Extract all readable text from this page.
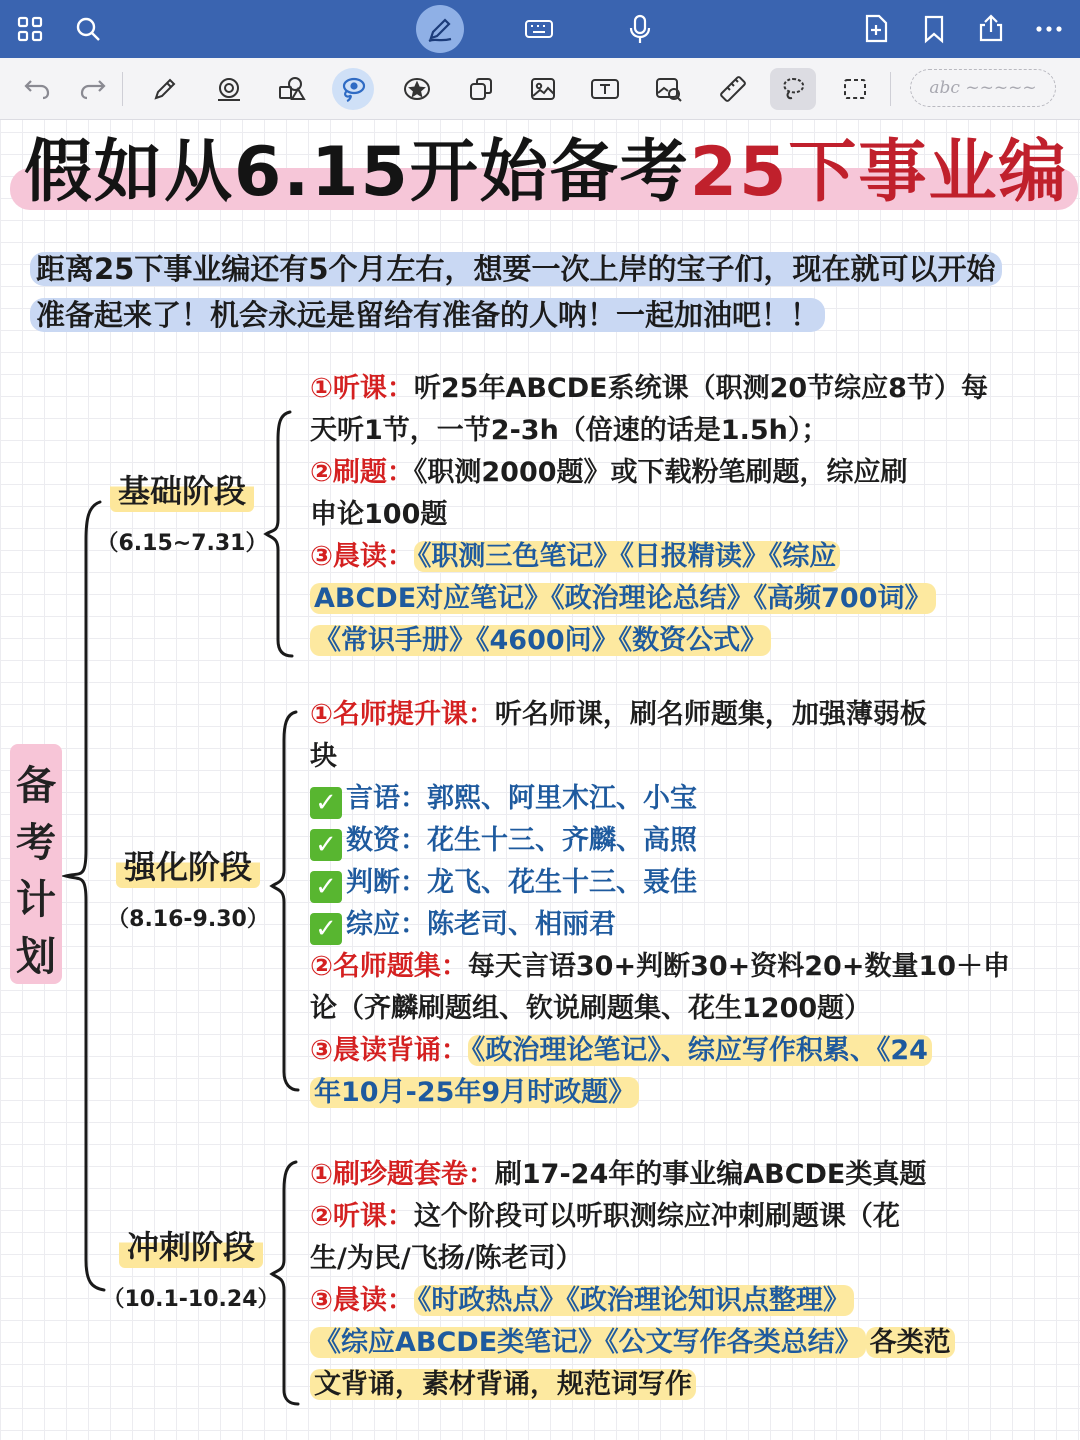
abc ~~~~~
假如从6.15开始备考25下事业编
距离25下事业编还有5个月左右，想要一次上岸的宝子们，现在就可以开始
准备起来了！机会永远是留给有准备的人呐！一起加油吧！！
备
考
计
划
基础阶段
（6.15~7.31）
强化阶段
（8.16-9.30）
冲刺阶段
（10.1-10.24）
①听课：听25年ABCDE系统课（职测20节综应8节）每
天听1节，一节2-3h（倍速的话是1.5h）；
②刷题：《职测2000题》或下载粉笔刷题，综应刷
申论100题
③晨读： 《职测三色笔记》《日报精读》《综应
ABCDE对应笔记》《政治理论总结》《高频700词》
《常识手册》《4600问》《数资公式》
①名师提升课：听名师课，刷名师题集，加强薄弱板
块
✓ 言语：郭熙、阿里木江、小宝
✓ 数资：花生十三、齐麟、高照
✓ 判断：龙飞、花生十三、聂佳
✓ 综应：陈老司、相丽君
②名师题集：每天言语30+判断30+资料20+数量10＋申
论（齐麟刷题组、钦说刷题集、花生1200题）
③晨读背诵： 《政治理论笔记》、综应写作积累、《24
年10月-25年9月时政题》
①刷珍题套卷：刷17-24年的事业编ABCDE类真题
②听课：这个阶段可以听职测综应冲刺刷题课（花
生/为民/飞扬/陈老司）
③晨读： 《时政热点》《政治理论知识点整理》
《综应ABCDE类笔记》《公文写作各类总结》 各类范
文背诵，素材背诵，规范词写作
